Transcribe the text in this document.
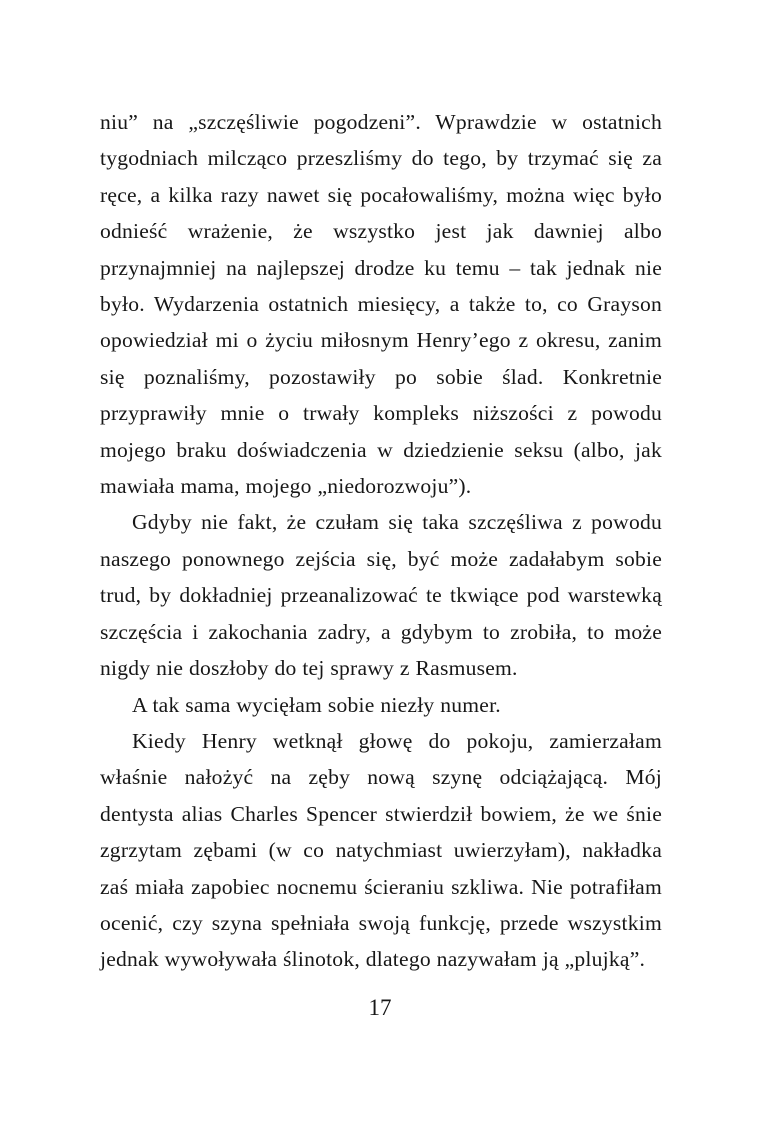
niu” na „szczęśliwie pogodzeni”. Wprawdzie w ostatnich tygodniach milcząco przeszliśmy do tego, by trzymać się za ręce, a kilka razy nawet się pocałowaliśmy, można więc było odnieść wrażenie, że wszystko jest jak dawniej albo przynajmniej na najlepszej drodze ku temu – tak jednak nie było. Wydarzenia ostatnich miesięcy, a także to, co Grayson opowiedział mi o życiu miłosnym Henry’ego z okresu, zanim się poznaliśmy, pozostawiły po sobie ślad. Konkretnie przyprawiły mnie o trwały kompleks niższości z powodu mojego braku doświadczenia w dziedzienie seksu (albo, jak mawiała mama, mojego „niedorozwoju”).

Gdyby nie fakt, że czułam się taka szczęśliwa z powodu naszego ponownego zejścia się, być może zadałabym sobie trud, by dokładniej przeanalizować te tkwiące pod warstewką szczęścia i zakochania zadry, a gdybym to zrobiła, to może nigdy nie doszłoby do tej sprawy z Rasmusem.

A tak sama wycięłam sobie niezły numer.

Kiedy Henry wetknął głowę do pokoju, zamierzałam właśnie nałożyć na zęby nową szynę odciążającą. Mój dentysta alias Charles Spencer stwierdził bowiem, że we śnie zgrzytam zębami (w co natychmiast uwierzyłam), nakładka zaś miała zapobiec nocnemu ścieraniu szkliwa. Nie potrafiłam ocenić, czy szyna spełniała swoją funkcję, przede wszystkim jednak wywoływała ślinotok, dlatego nazywałam ją „plujką”.

17
